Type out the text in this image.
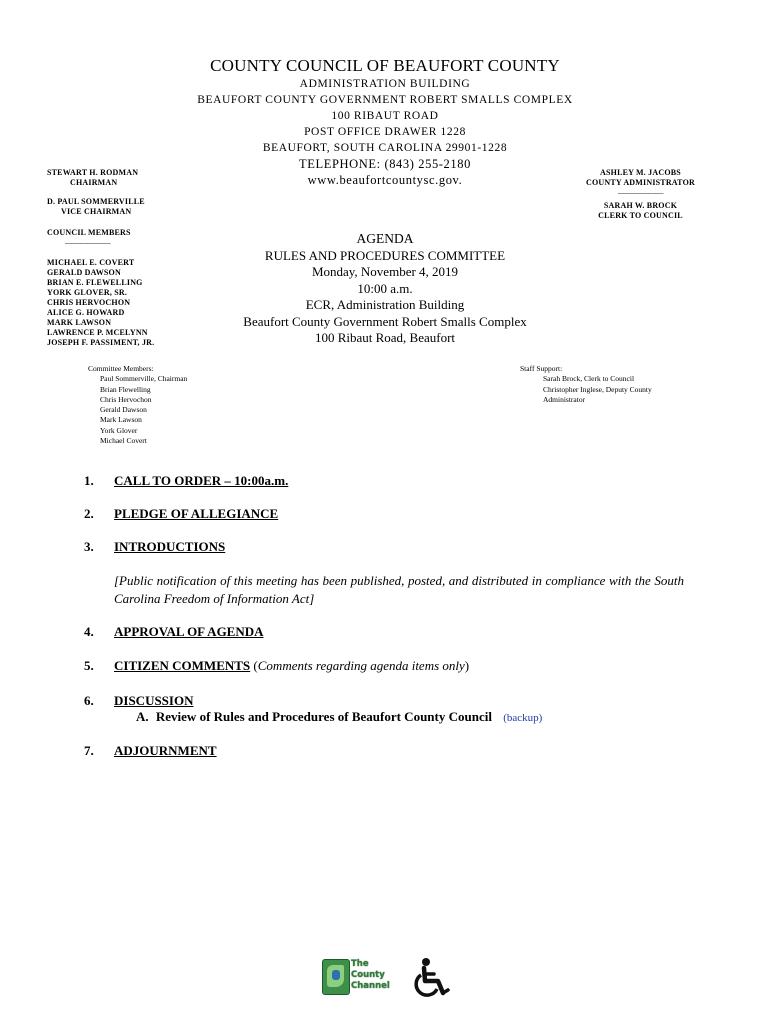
COUNTY COUNCIL OF BEAUFORT COUNTY
ADMINISTRATION BUILDING
BEAUFORT COUNTY GOVERNMENT ROBERT SMALLS COMPLEX
100 RIBAUT ROAD
POST OFFICE DRAWER 1228
BEAUFORT, SOUTH CAROLINA 29901-1228
TELEPHONE: (843) 255-2180
www.beaufortcountysc.gov.
STEWART H. RODMAN
CHAIRMAN
D. PAUL SOMMERVILLE
VICE CHAIRMAN
COUNCIL MEMBERS
——————
MICHAEL E. COVERT
GERALD DAWSON
BRIAN E. FLEWELLING
YORK GLOVER, SR.
CHRIS HERVOCHON
ALICE G. HOWARD
MARK LAWSON
LAWRENCE P. MCELYNN
JOSEPH F. PASSIMENT, JR.
ASHLEY M. JACOBS
COUNTY ADMINISTRATOR
——————
SARAH W. BROCK
CLERK TO COUNCIL
AGENDA
RULES AND PROCEDURES COMMITTEE
Monday, November 4, 2019
10:00 a.m.
ECR, Administration Building
Beaufort County Government Robert Smalls Complex
100 Ribaut Road, Beaufort
Committee Members:
Paul Sommerville, Chairman
Brian Flewelling
Chris Hervochon
Gerald Dawson
Mark Lawson
York Glover
Michael Covert
Staff Support:
Sarah Brock, Clerk to Council
Christopher Inglese, Deputy County
Administrator
1. CALL TO ORDER – 10:00a.m.
2. PLEDGE OF ALLEGIANCE
3. INTRODUCTIONS
[Public notification of this meeting has been published, posted, and distributed in compliance with the South Carolina Freedom of Information Act]
4. APPROVAL OF AGENDA
5. CITIZEN COMMENTS (Comments regarding agenda items only)
6. DISCUSSION
A. Review of Rules and Procedures of Beaufort County Council (backup)
7. ADJOURNMENT
The
County
Channel
